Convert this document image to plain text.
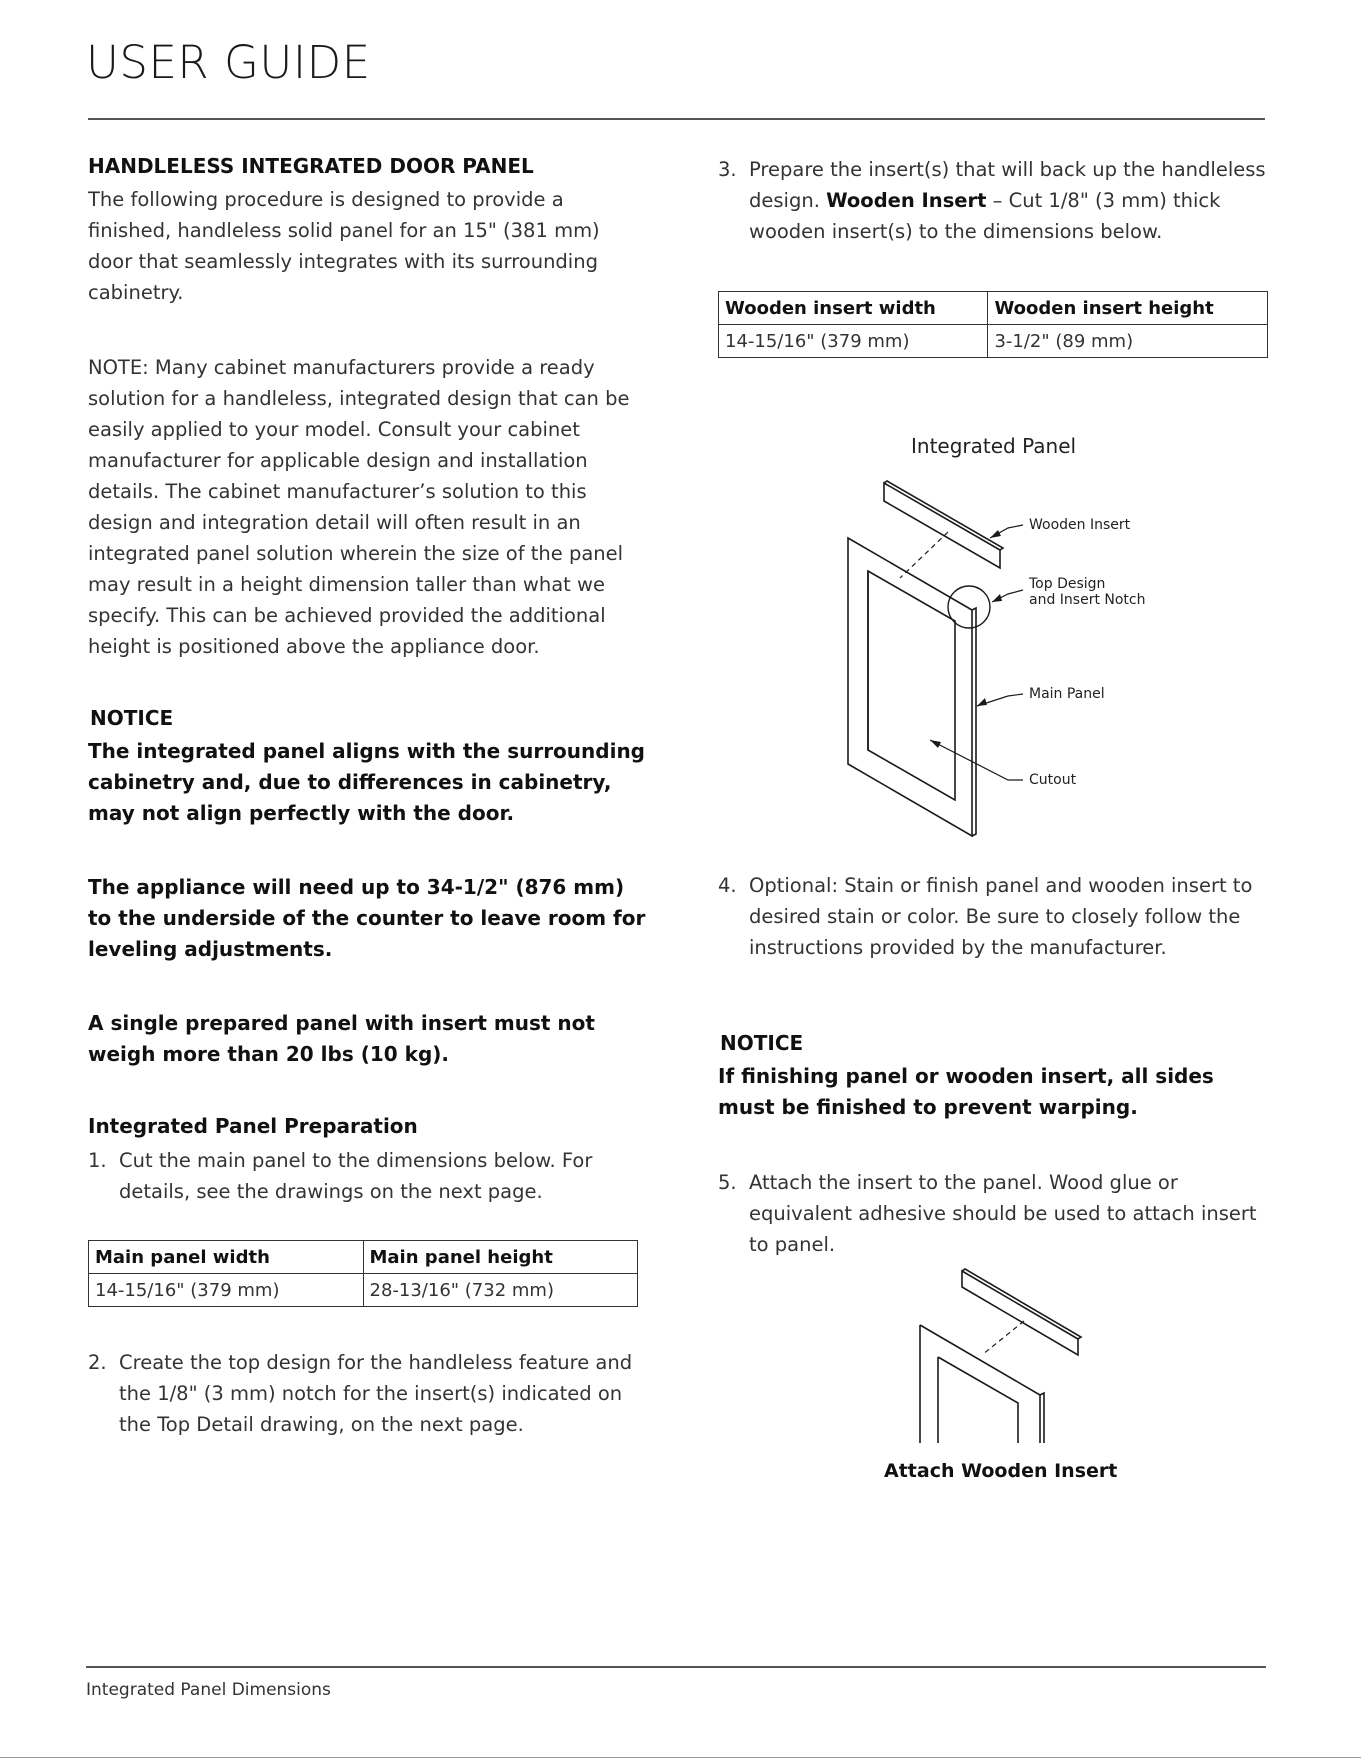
USER GUIDE
HANDLELESS INTEGRATED DOOR PANEL
The following procedure is designed to provide a finished, handleless solid panel for an 15" (381 mm) door that seamlessly integrates with its surrounding cabinetry.
NOTE: Many cabinet manufacturers provide a ready solution for a handleless, integrated design that can be easily applied to your model. Consult your cabinet manufacturer for applicable design and installation details. The cabinet manufacturer’s solution to this design and integration detail will often result in an integrated panel solution wherein the size of the panel may result in a height dimension taller than what we specify. This can be achieved provided the additional height is positioned above the appliance door.
NOTICE
The integrated panel aligns with the surrounding cabinetry and, due to differences in cabinetry, may not align perfectly with the door.
The appliance will need up to 34-1/2" (876 mm) to the underside of the counter to leave room for leveling adjustments.
A single prepared panel with insert must not weigh more than 20 lbs (10 kg).
Integrated Panel Preparation
1. Cut the main panel to the dimensions below. For details, see the drawings on the next page.
Main panel width	Main panel height
14-15/16" (379 mm)	28-13/16" (732 mm)
2. Create the top design for the handleless feature and the 1/8" (3 mm) notch for the insert(s) indicated on the Top Detail drawing, on the next page.
3. Prepare the insert(s) that will back up the handleless design. Wooden Insert – Cut 1/8" (3 mm) thick wooden insert(s) to the dimensions below.
Wooden insert width	Wooden insert height
14-15/16" (379 mm)	3-1/2" (89 mm)
Integrated Panel
Wooden Insert
Top Design
and Insert Notch
Main Panel
Cutout
4. Optional: Stain or finish panel and wooden insert to desired stain or color. Be sure to closely follow the instructions provided by the manufacturer.
NOTICE
If finishing panel or wooden insert, all sides must be finished to prevent warping.
5. Attach the insert to the panel. Wood glue or equivalent adhesive should be used to attach insert to panel.
Attach Wooden Insert
Integrated Panel Dimensions
